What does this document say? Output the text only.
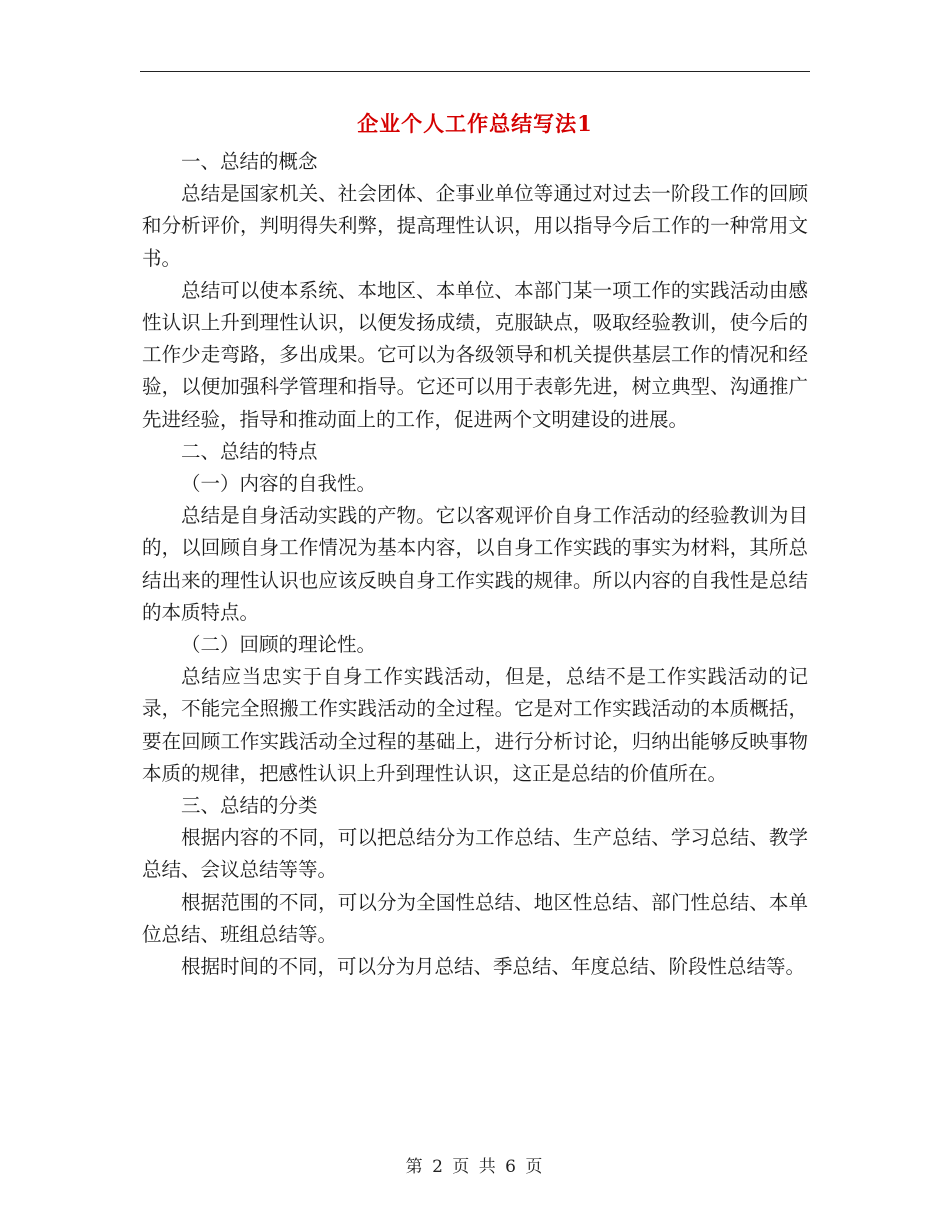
企业个人工作总结写法1

一、总结的概念

总结是国家机关、社会团体、企事业单位等通过对过去一阶段工作的回顾和分析评价，判明得失利弊，提高理性认识，用以指导今后工作的一种常用文书。

总结可以使本系统、本地区、本单位、本部门某一项工作的实践活动由感性认识上升到理性认识，以便发扬成绩，克服缺点，吸取经验教训，使今后的工作少走弯路，多出成果。它可以为各级领导和机关提供基层工作的情况和经验，以便加强科学管理和指导。它还可以用于表彰先进，树立典型、沟通推广先进经验，指导和推动面上的工作，促进两个文明建设的进展。

二、总结的特点

（一）内容的自我性。

总结是自身活动实践的产物。它以客观评价自身工作活动的经验教训为目的，以回顾自身工作情况为基本内容，以自身工作实践的事实为材料，其所总结出来的理性认识也应该反映自身工作实践的规律。所以内容的自我性是总结的本质特点。

（二）回顾的理论性。

总结应当忠实于自身工作实践活动，但是，总结不是工作实践活动的记录，不能完全照搬工作实践活动的全过程。它是对工作实践活动的本质概括，要在回顾工作实践活动全过程的基础上，进行分析讨论，归纳出能够反映事物本质的规律，把感性认识上升到理性认识，这正是总结的价值所在。

三、总结的分类

根据内容的不同，可以把总结分为工作总结、生产总结、学习总结、教学总结、会议总结等等。

根据范围的不同，可以分为全国性总结、地区性总结、部门性总结、本单位总结、班组总结等。

根据时间的不同，可以分为月总结、季总结、年度总结、阶段性总结等。

第 2 页 共 6 页
